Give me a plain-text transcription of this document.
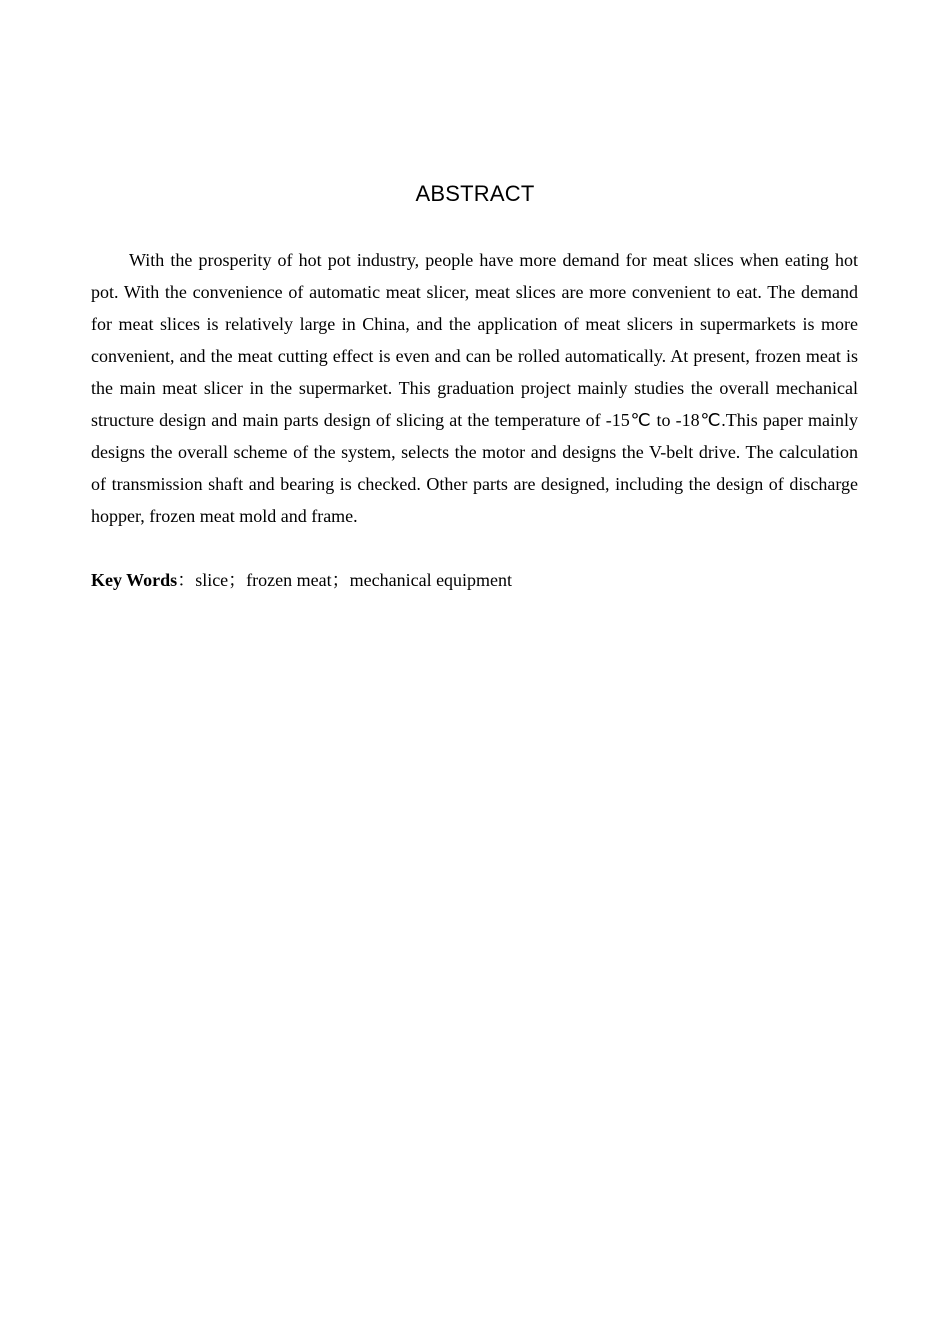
ABSTRACT

With the prosperity of hot pot industry, people have more demand for meat slices when eating hot pot. With the convenience of automatic meat slicer, meat slices are more convenient to eat. The demand for meat slices is relatively large in China, and the application of meat slicers in supermarkets is more convenient, and the meat cutting effect is even and can be rolled automatically. At present, frozen meat is the main meat slicer in the supermarket. This graduation project mainly studies the overall mechanical structure design and main parts design of slicing at the temperature of -15℃ to -18℃.This paper mainly designs the overall scheme of the system, selects the motor and designs the V-belt drive. The calculation of transmission shaft and bearing is checked. Other parts are designed, including the design of discharge hopper, frozen meat mold and frame.

Key Words：slice；frozen meat；mechanical equipment
